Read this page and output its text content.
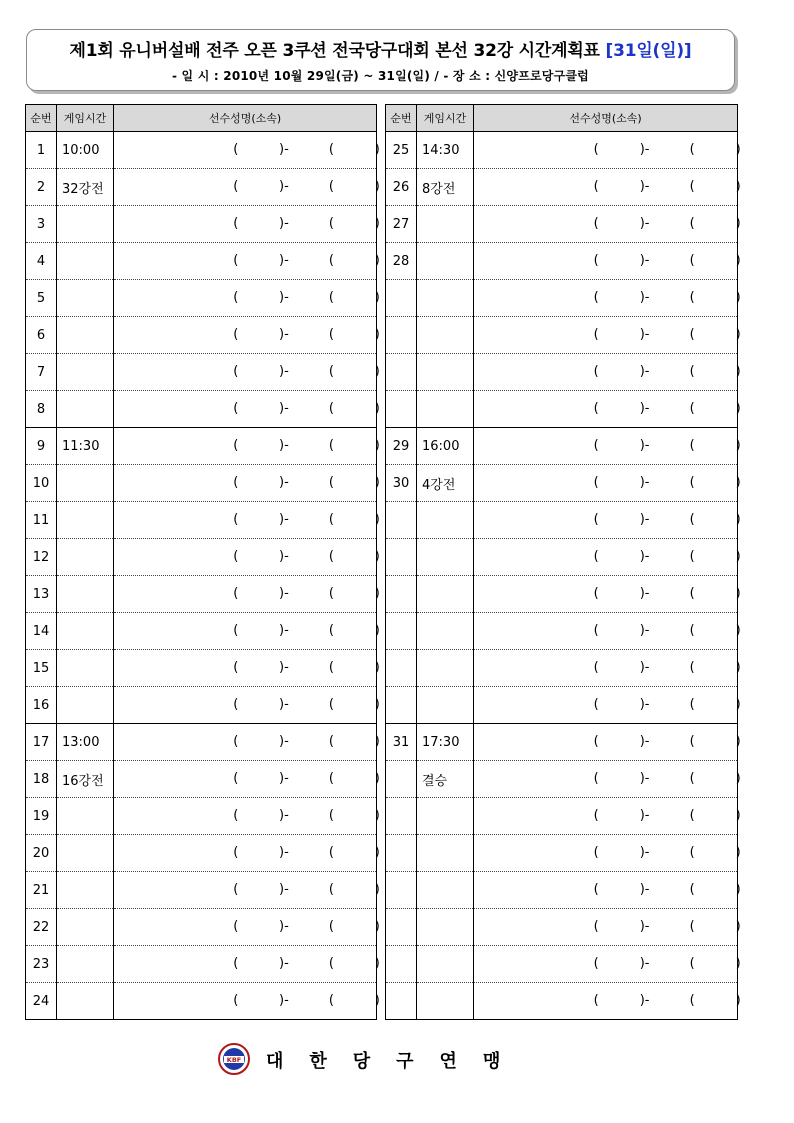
제1회 유니버설배 전주 오픈 3쿠션 전국당구대회 본선 32강 시간계획표 [31일(일)]
- 일 시 : 2010년 10월 29일(금) ~ 31일(일) / - 장 소 : 신양프로당구클럽
순번	게임시간	선수성명(소속)
1	10:00	( )- ( )

2	32강전	( )- ( )

3		( )- ( )

4		( )- ( )

5		( )- ( )

6		( )- ( )

7		( )- ( )

8		( )- ( )

9	11:30	( )- ( )

10		( )- ( )

11		( )- ( )

12		( )- ( )

13		( )- ( )

14		( )- ( )

15		( )- ( )

16		( )- ( )

17	13:00	( )- ( )

18	16강전	( )- ( )

19		( )- ( )

20		( )- ( )

21		( )- ( )

22		( )- ( )

23		( )- ( )

24		( )- ( )
순번	게임시간	선수성명(소속)
25	14:30	( )- ( )

26	8강전	( )- ( )

27		( )- ( )

28		( )- ( )

		( )- ( )

		( )- ( )

		( )- ( )

		( )- ( )

29	16:00	( )- ( )

30	4강전	( )- ( )

		( )- ( )

		( )- ( )

		( )- ( )

		( )- ( )

		( )- ( )

		( )- ( )

31	17:30	( )- ( )

	결승	( )- ( )

		( )- ( )

		( )- ( )

		( )- ( )

		( )- ( )

		( )- ( )

		( )- ( )
KBF 대한당구연맹
